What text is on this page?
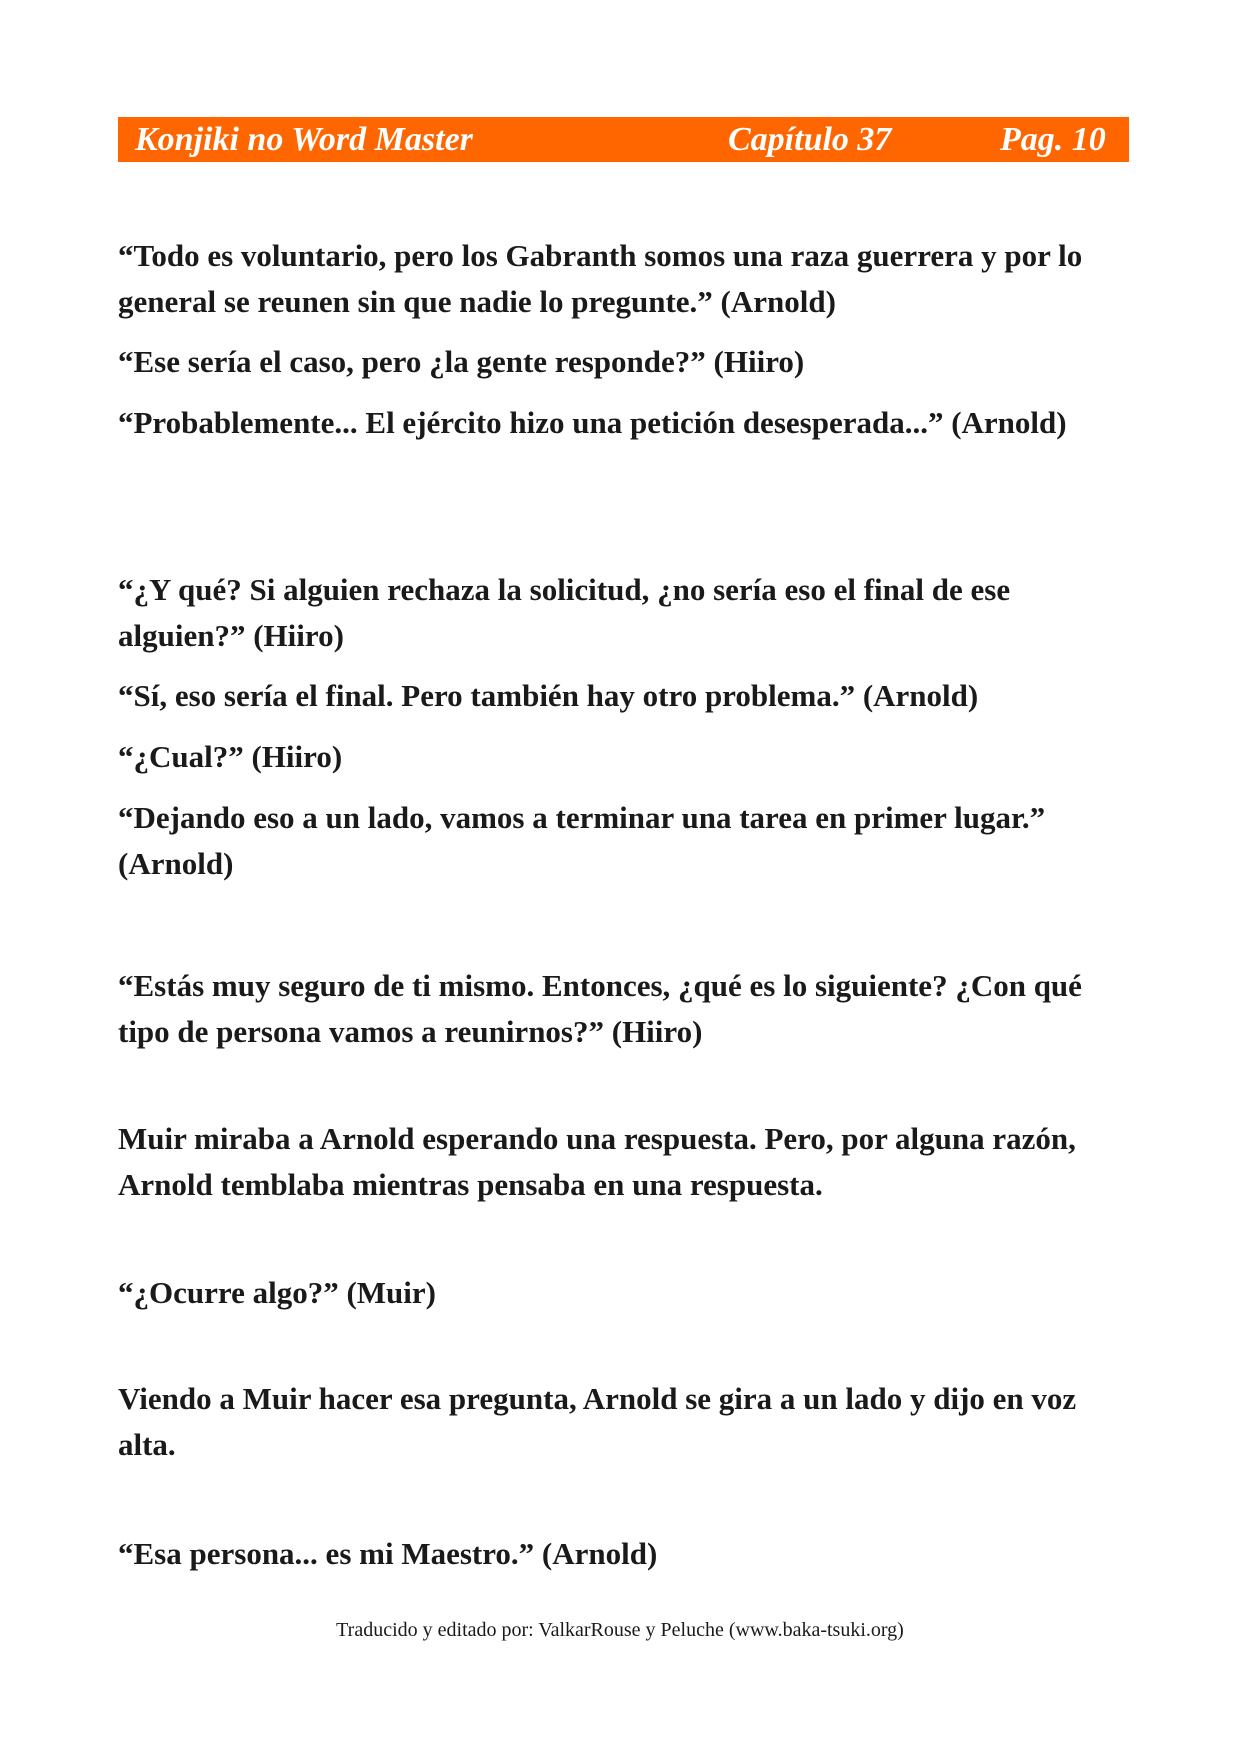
Konjiki no Word Master	Capítulo 37	Pag. 10

“Todo es voluntario, pero los Gabranth somos una raza guerrera y por lo general se reunen sin que nadie lo pregunte.” (Arnold)

“Ese sería el caso, pero ¿la gente responde?” (Hiiro)

“Probablemente... El ejército hizo una petición desesperada...” (Arnold)

“¿Y qué? Si alguien rechaza la solicitud, ¿no sería eso el final de ese alguien?” (Hiiro)

“Sí, eso sería el final. Pero también hay otro problema.” (Arnold)

“¿Cual?” (Hiiro)

“Dejando eso a un lado, vamos a terminar una tarea en primer lugar.” (Arnold)

“Estás muy seguro de ti mismo. Entonces, ¿qué es lo siguiente? ¿Con qué tipo de persona vamos a reunirnos?” (Hiiro)

Muir miraba a Arnold esperando una respuesta. Pero, por alguna razón, Arnold temblaba mientras pensaba en una respuesta.

“¿Ocurre algo?” (Muir)

Viendo a Muir hacer esa pregunta, Arnold se gira a un lado y dijo en voz alta.

“Esa persona... es mi Maestro.” (Arnold)

Traducido y editado por: ValkarRouse y Peluche (www.baka-tsuki.org)
